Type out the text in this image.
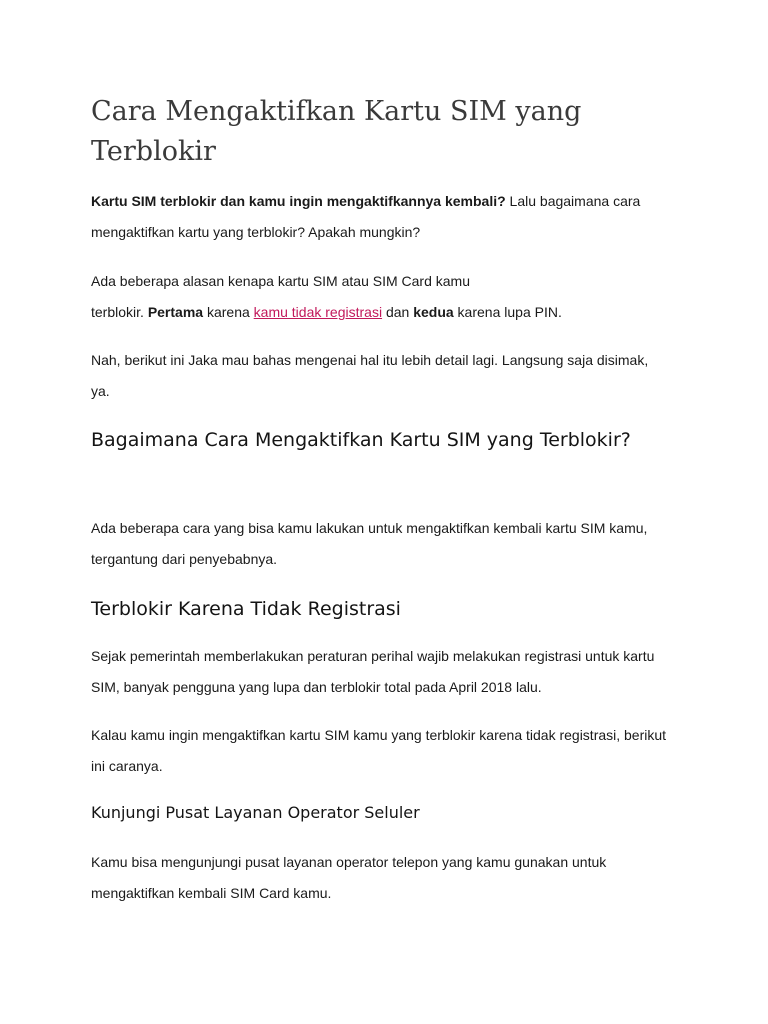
Cara Mengaktifkan Kartu SIM yang Terblokir

Kartu SIM terblokir dan kamu ingin mengaktifkannya kembali? Lalu bagaimana cara mengaktifkan kartu yang terblokir? Apakah mungkin?

Ada beberapa alasan kenapa kartu SIM atau SIM Card kamu
terblokir. Pertama karena kamu tidak registrasi dan kedua karena lupa PIN.

Nah, berikut ini Jaka mau bahas mengenai hal itu lebih detail lagi. Langsung saja disimak, ya.

Bagaimana Cara Mengaktifkan Kartu SIM yang Terblokir?

Ada beberapa cara yang bisa kamu lakukan untuk mengaktifkan kembali kartu SIM kamu, tergantung dari penyebabnya.

Terblokir Karena Tidak Registrasi

Sejak pemerintah memberlakukan peraturan perihal wajib melakukan registrasi untuk kartu SIM, banyak pengguna yang lupa dan terblokir total pada April 2018 lalu.

Kalau kamu ingin mengaktifkan kartu SIM kamu yang terblokir karena tidak registrasi, berikut ini caranya.

Kunjungi Pusat Layanan Operator Seluler

Kamu bisa mengunjungi pusat layanan operator telepon yang kamu gunakan untuk mengaktifkan kembali SIM Card kamu.
